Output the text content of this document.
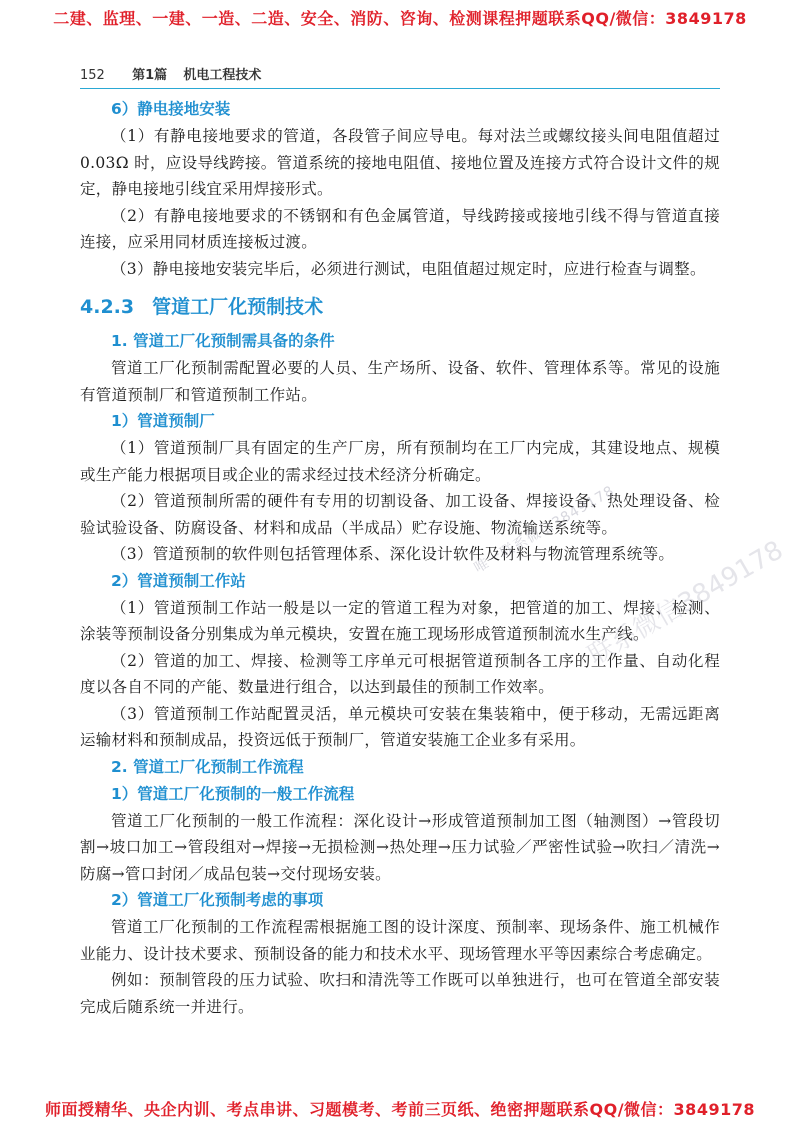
二建、监理、一建、一造、二造、安全、消防、咨询、检测课程押题联系QQ/微信：3849178
152 第1篇 机电工程技术
6）静电接地安装

（1）有静电接地要求的管道，各段管子间应导电。每对法兰或螺纹接头间电阻值超过 0.03Ω 时，应设导线跨接。管道系统的接地电阻值、接地位置及连接方式符合设计文件的规定，静电接地引线宜采用焊接形式。

（2）有静电接地要求的不锈钢和有色金属管道，导线跨接或接地引线不得与管道直接连接，应采用同材质连接板过渡。

（3）静电接地安装完毕后，必须进行测试，电阻值超过规定时，应进行检查与调整。

4.2.3 管道工厂化预制技术
1. 管道工厂化预制需具备的条件

管道工厂化预制需配置必要的人员、生产场所、设备、软件、管理体系等。常见的设施有管道预制厂和管道预制工作站。

1）管道预制厂

（1）管道预制厂具有固定的生产厂房，所有预制均在工厂内完成，其建设地点、规模或生产能力根据项目或企业的需求经过技术经济分析确定。

（2）管道预制所需的硬件有专用的切割设备、加工设备、焊接设备、热处理设备、检验试验设备、防腐设备、材料和成品（半成品）贮存设施、物流输送系统等。

（3）管道预制的软件则包括管理体系、深化设计软件及材料与物流管理系统等。

2）管道预制工作站

（1）管道预制工作站一般是以一定的管道工程为对象，把管道的加工、焊接、检测、涂装等预制设备分别集成为单元模块，安置在施工现场形成管道预制流水生产线。

（2）管道的加工、焊接、检测等工序单元可根据管道预制各工序的工作量、自动化程度以各自不同的产能、数量进行组合，以达到最佳的预制工作效率。

（3）管道预制工作站配置灵活，单元模块可安装在集装箱中，便于移动，无需远距离运输材料和预制成品，投资远低于预制厂，管道安装施工企业多有采用。

2. 管道工厂化预制工作流程
1）管道工厂化预制的一般工作流程

管道工厂化预制的一般工作流程：深化设计→形成管道预制加工图（轴测图）→管段切割→坡口加工→管段组对→焊接→无损检测→热处理→压力试验／严密性试验→吹扫／清洗→防腐→管口封闭／成品包装→交付现场安装。

2）管道工厂化预制考虑的事项

管道工厂化预制的工作流程需根据施工图的设计深度、预制率、现场条件、施工机械作业能力、设计技术要求、预制设备的能力和技术水平、现场管理水平等因素综合考虑确定。

例如：预制管段的压力试验、吹扫和清洗等工作既可以单独进行，也可在管道全部安装完成后随系统一并进行。

唯一联系微信3849178
联系微信3849178
师面授精华、央企内训、考点串讲、习题模考、考前三页纸、绝密押题联系QQ/微信：3849178
